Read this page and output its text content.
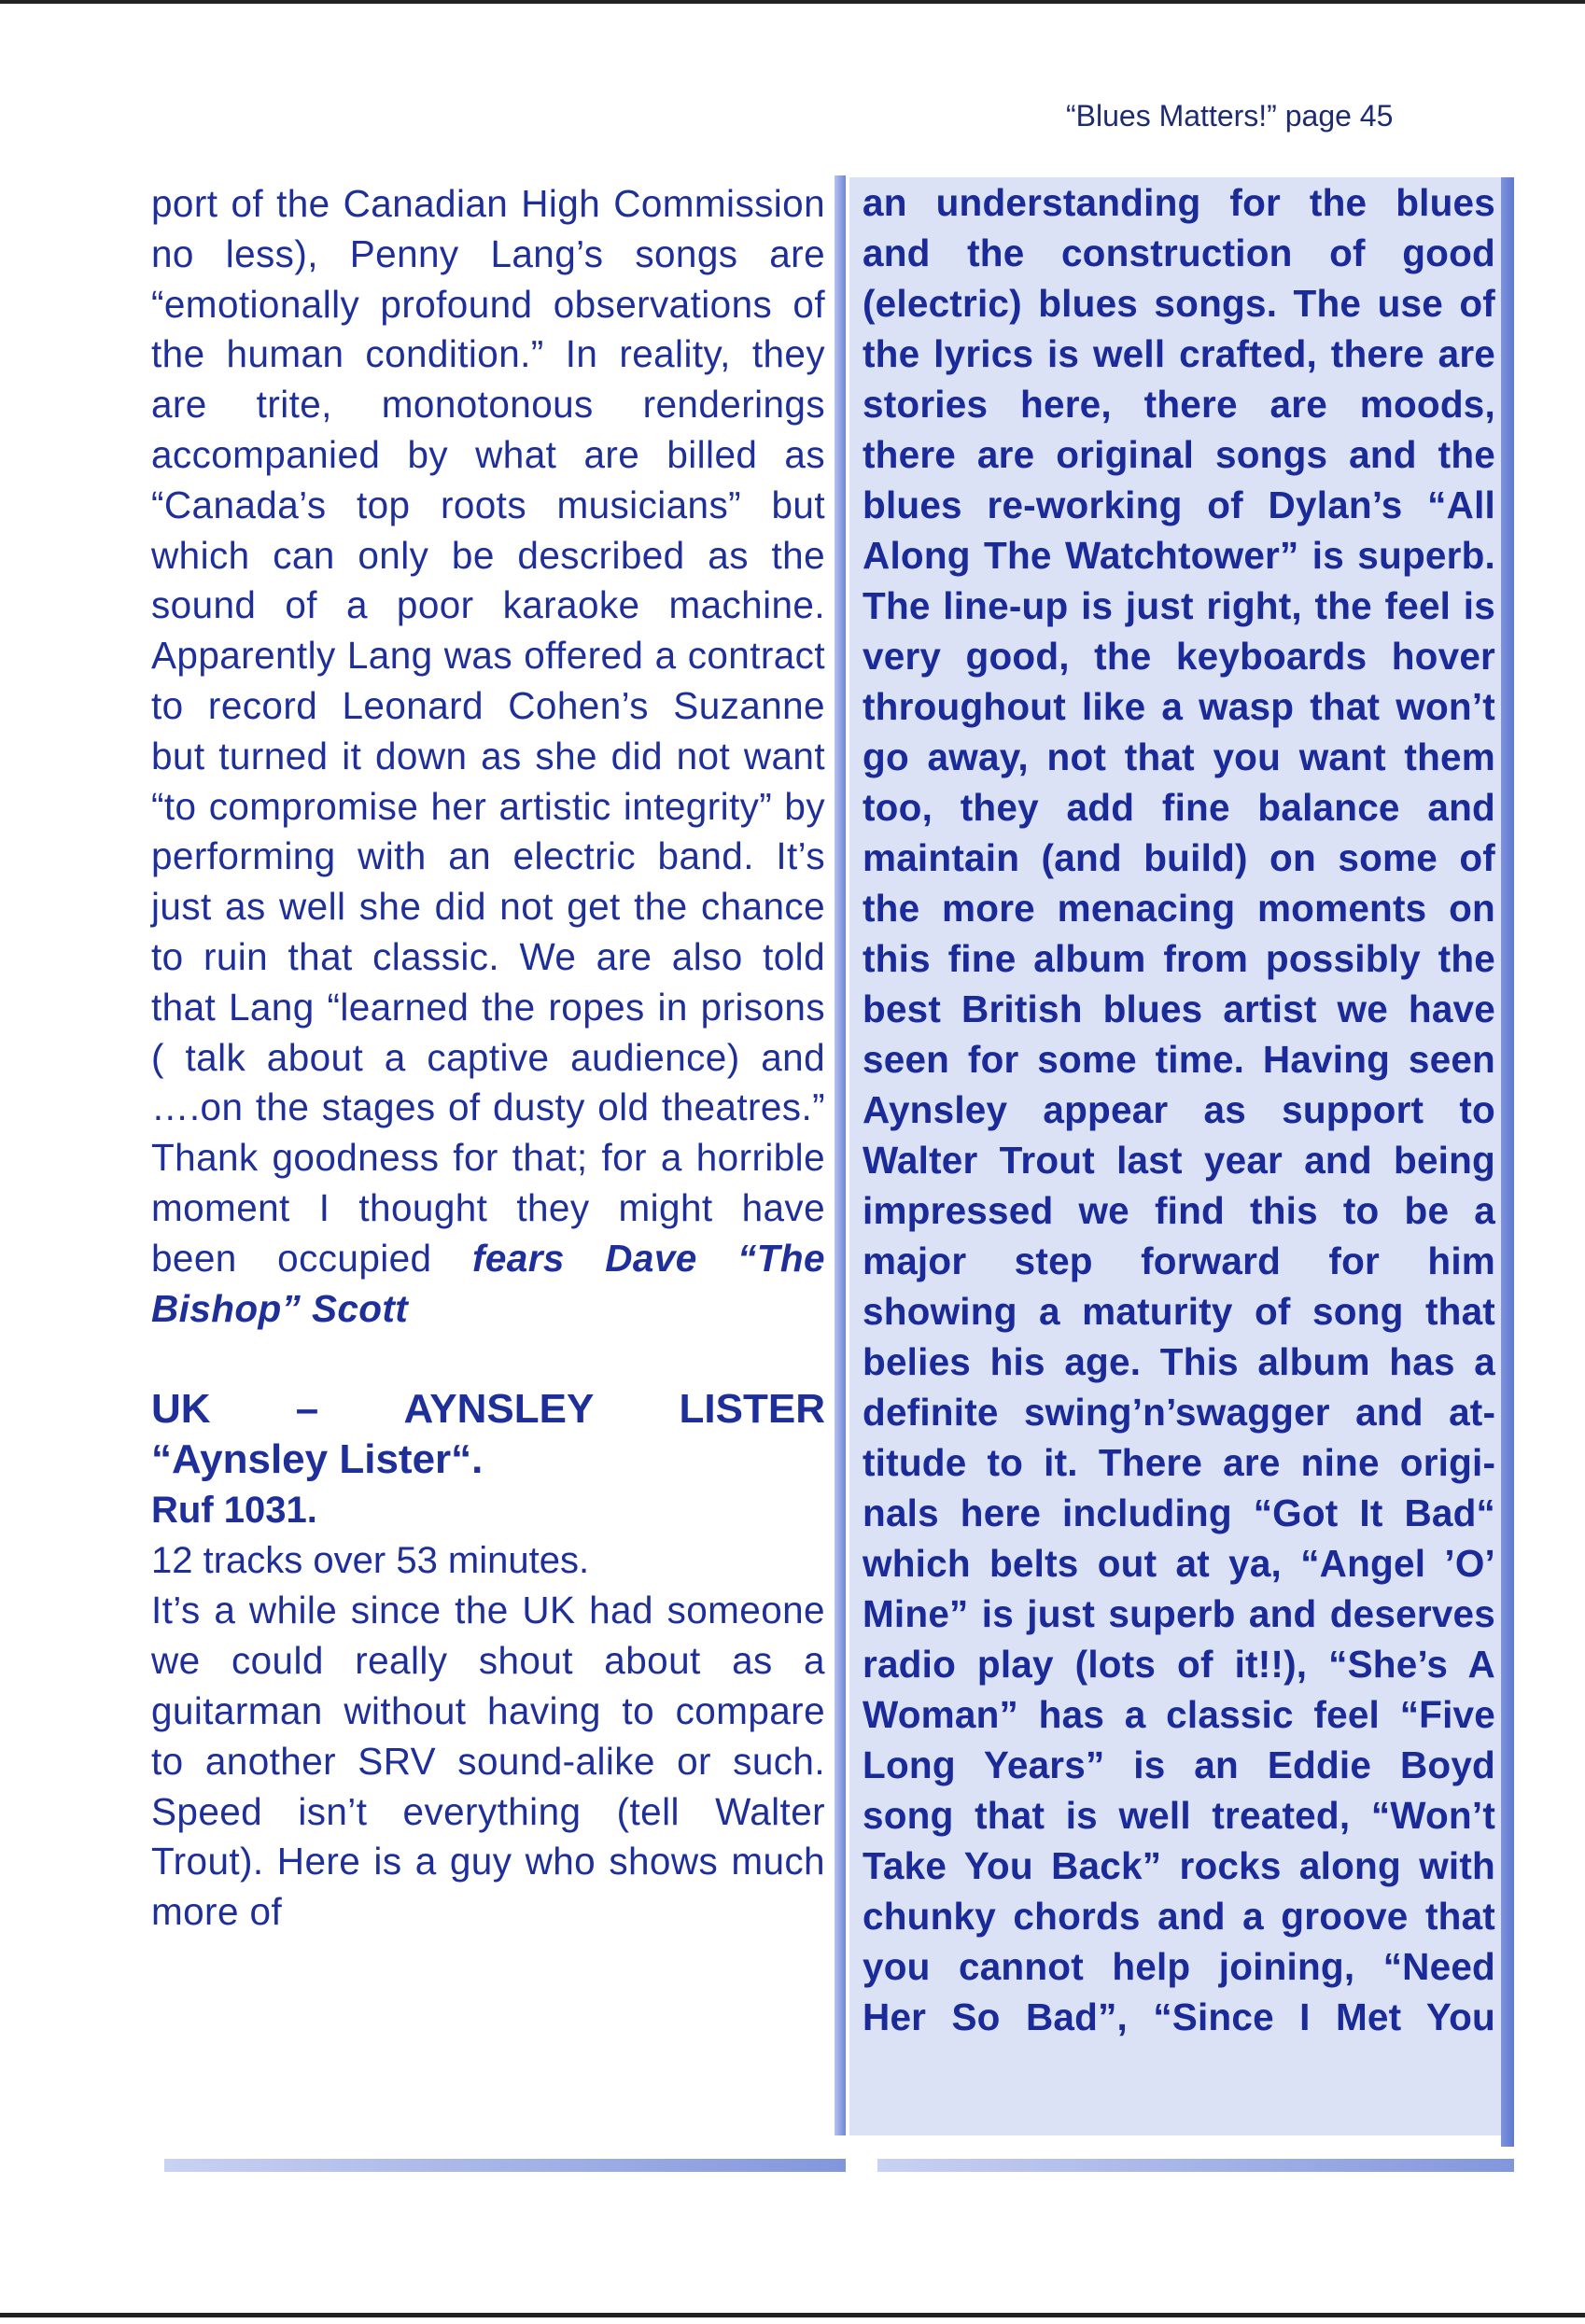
“Blues Matters!” page 45
port of the Canadian High Commission no less), Penny Lang’s songs are “emotionally profound observations of the human condition.” In reality, they are trite, monotonous renderings accompanied by what are billed as “Canada’s top roots musicians” but which can only be described as the sound of a poor karaoke machine. Apparently Lang was offered a contract to record Leonard Cohen’s Suzanne but turned it down as she did not want “to compromise her artistic integrity” by performing with an electric band. It’s just as well she did not get the chance to ruin that classic. We are also told that Lang “learned the ropes in prisons ( talk about a captive audience) and ….on the stages of dusty old theatres.” Thank goodness for that; for a horrible moment I thought they might have been occupied fears Dave “The Bishop” Scott
UK – AYNSLEY LISTER
“Aynsley Lister“.
Ruf 1031.
12 tracks over 53 minutes.
It’s a while since the UK had someone we could really shout about as a guitarman without having to compare to another SRV sound-alike or such. Speed isn’t everything (tell Walter Trout). Here is a guy who shows much more of
an understanding for the blues and the construction of good (electric) blues songs. The use of the lyrics is well crafted, there are stories here, there are moods, there are original songs and the blues re-working of Dylan’s “All Along The Watchtower” is superb. The line-up is just right, the feel is very good, the keyboards hover throughout like a wasp that won’t go away, not that you want them too, they add fine balance and maintain (and build) on some of the more menacing moments on this fine album from possibly the best British blues artist we have seen for some time. Having seen Aynsley appear as support to Walter Trout last year and being impressed we find this to be a major step forward for him showing a maturity of song that belies his age. This album has a definite swing’n’swagger and attitude to it. There are nine originals here including “Got It Bad“ which belts out at ya, “Angel ’O’ Mine” is just superb and deserves radio play (lots of it!!), “She’s A Woman” has a classic feel “Five Long Years” is an Eddie Boyd song that is well treated, “Won’t Take You Back” rocks along with chunky chords and a groove that you cannot help joining, “Need Her So Bad”, “Since I Met You
